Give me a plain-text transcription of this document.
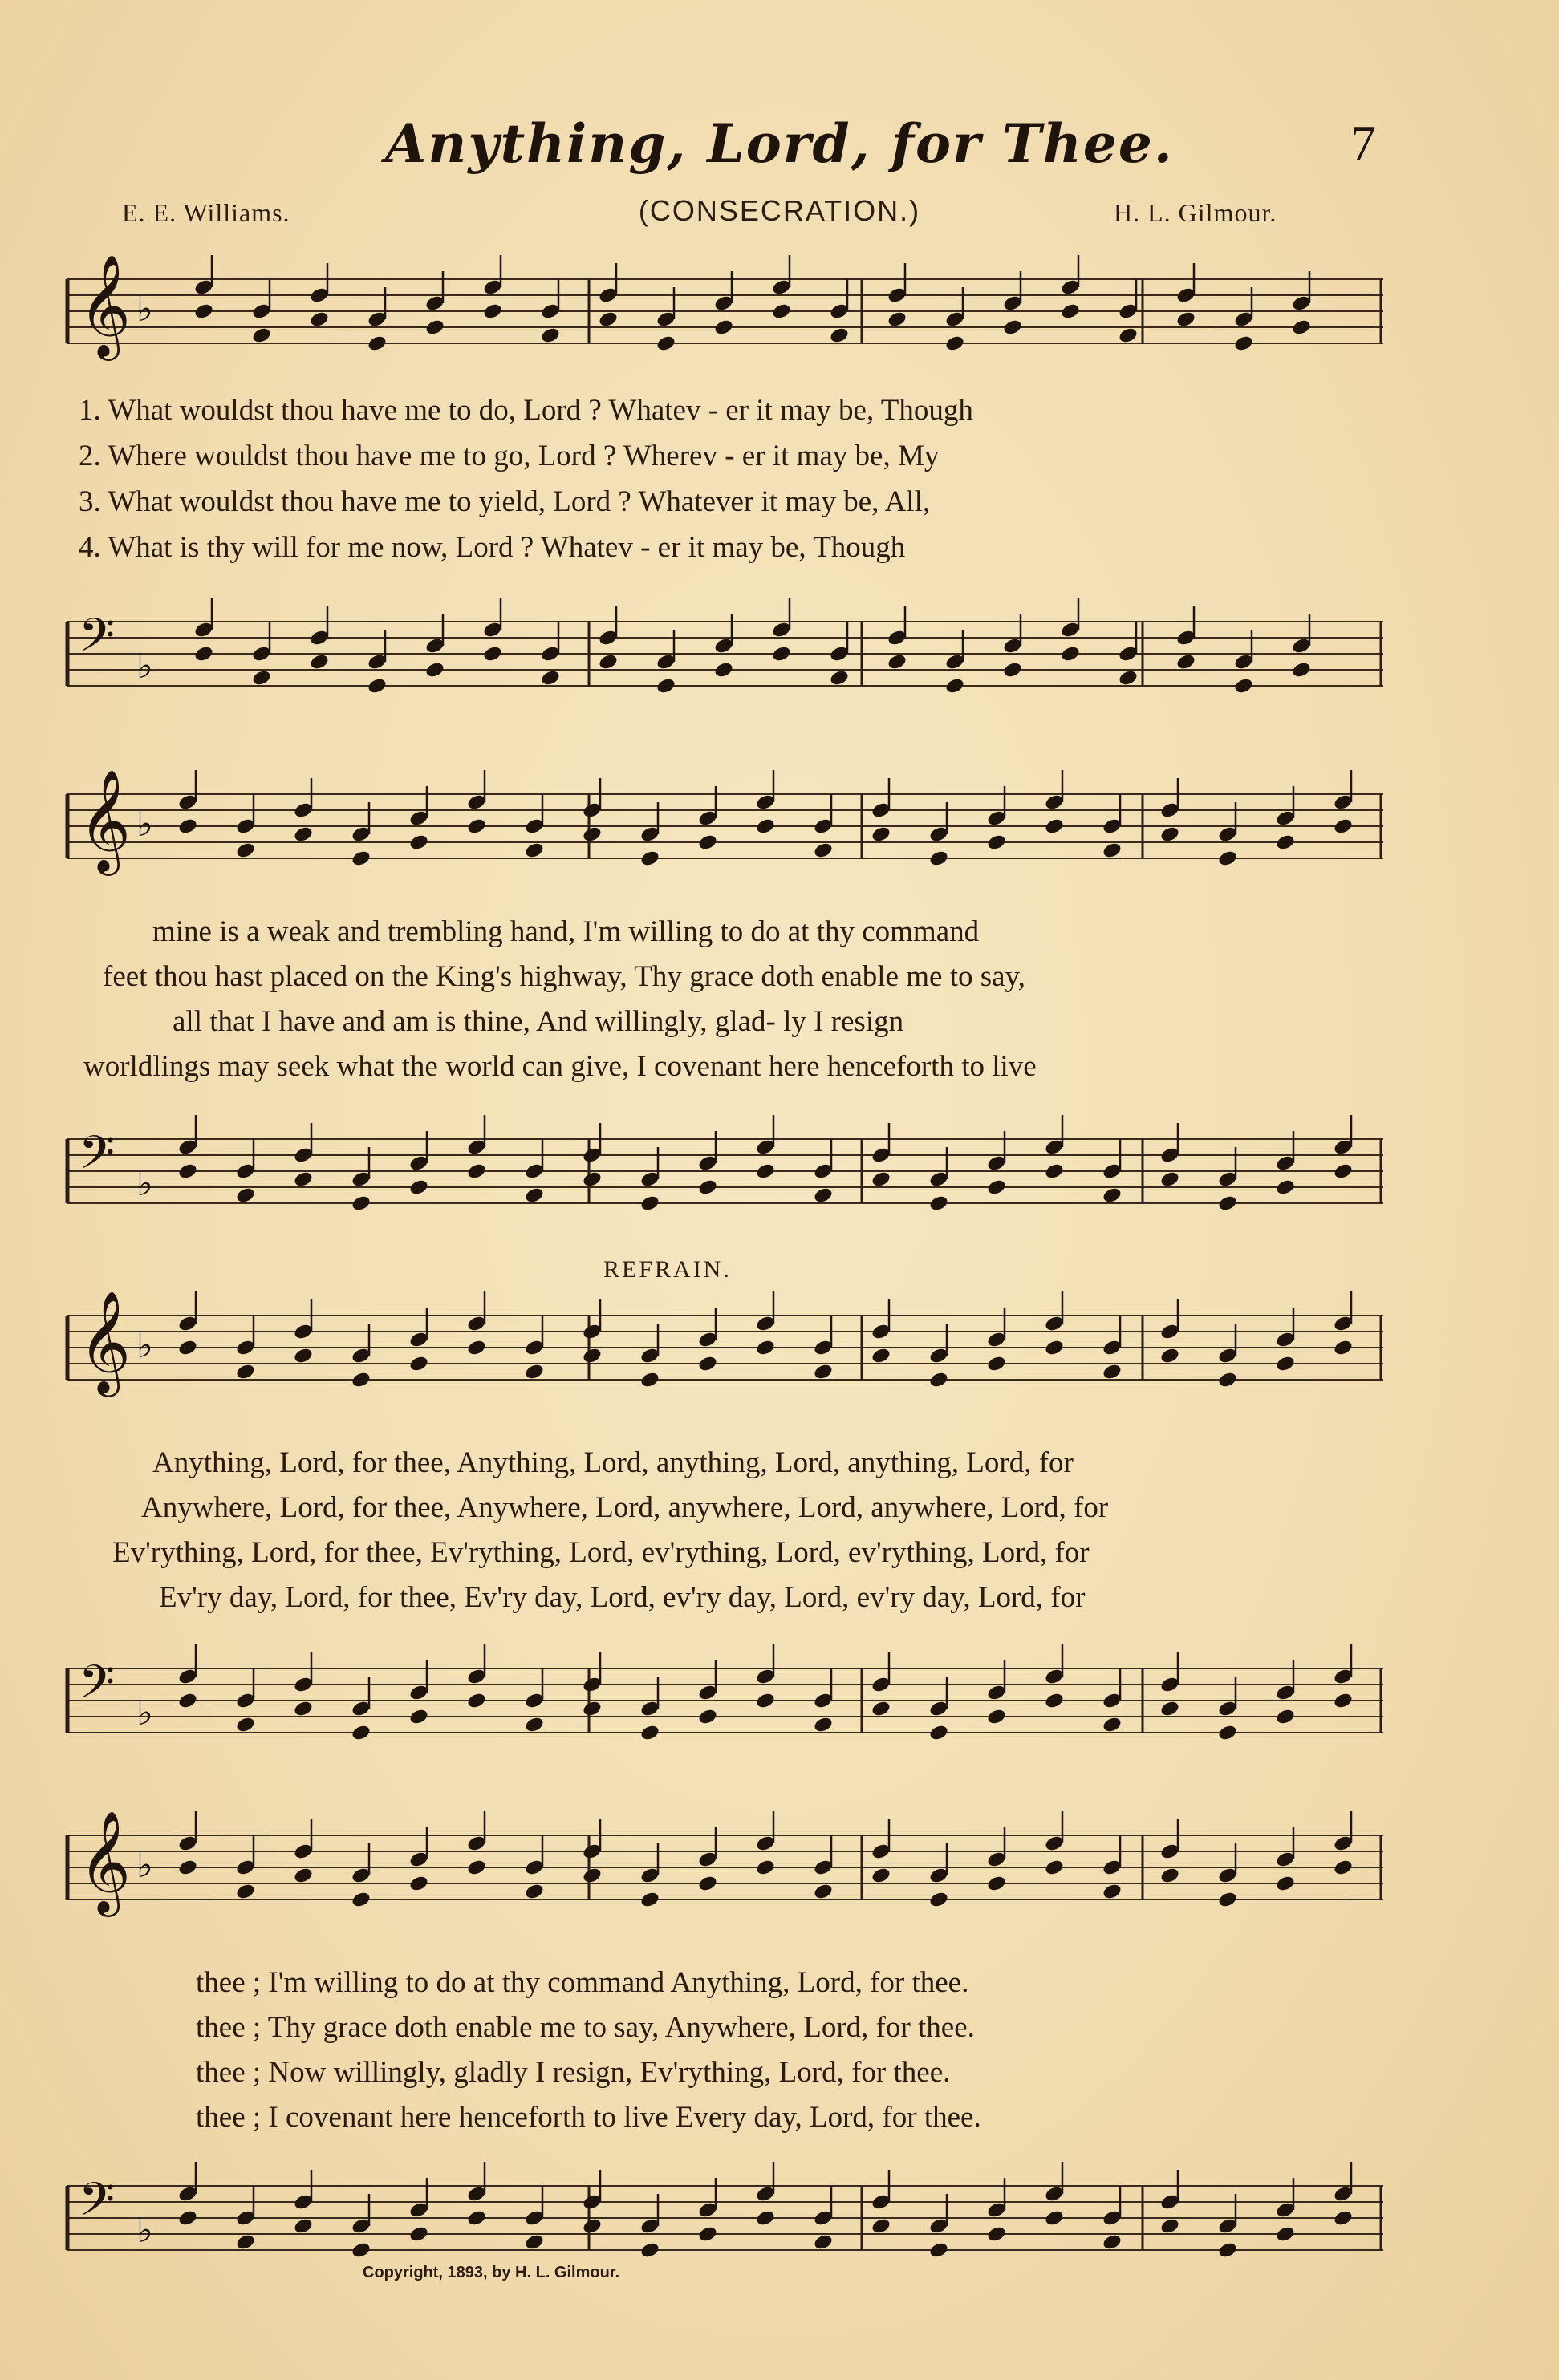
Anything, Lord, for Thee.	7
E. E. Williams.	(CONSECRATION.)	H. L. Gilmour.
𝄞 ♭
1. What wouldst thou have me to do, Lord ? Whatev - er it may be, Though
2. Where wouldst thou have me to go, Lord ? Wherev - er it may be, My
3. What wouldst thou have me to yield, Lord ? Whatever it may be, All,
4. What is thy will for me now, Lord ? Whatev - er it may be, Though
𝄢 ♭
𝄞 ♭
mine is a weak and trembling hand, I'm willing to do at thy command
feet thou hast placed on the King's highway, Thy grace doth enable me to say,
all that I have and am is thine, And willingly, glad- ly I resign
worldlings may seek what the world can give, I covenant here henceforth to live
𝄢 ♭
REFRAIN.
𝄞 ♭
Anything, Lord, for thee, Anything, Lord, anything, Lord, anything, Lord, for
Anywhere, Lord, for thee, Anywhere, Lord, anywhere, Lord, anywhere, Lord, for
Ev'rything, Lord, for thee, Ev'rything, Lord, ev'rything, Lord, ev'rything, Lord, for
Ev'ry day, Lord, for thee, Ev'ry day, Lord, ev'ry day, Lord, ev'ry day, Lord, for
𝄢 ♭
𝄞 ♭
thee ; I'm willing to do at thy command Anything, Lord, for thee.
thee ; Thy grace doth enable me to say, Anywhere, Lord, for thee.
thee ; Now willingly, gladly I resign, Ev'rything, Lord, for thee.
thee ; I covenant here henceforth to live Every day, Lord, for thee.
𝄢 ♭
Copyright, 1893, by H. L. Gilmour.
